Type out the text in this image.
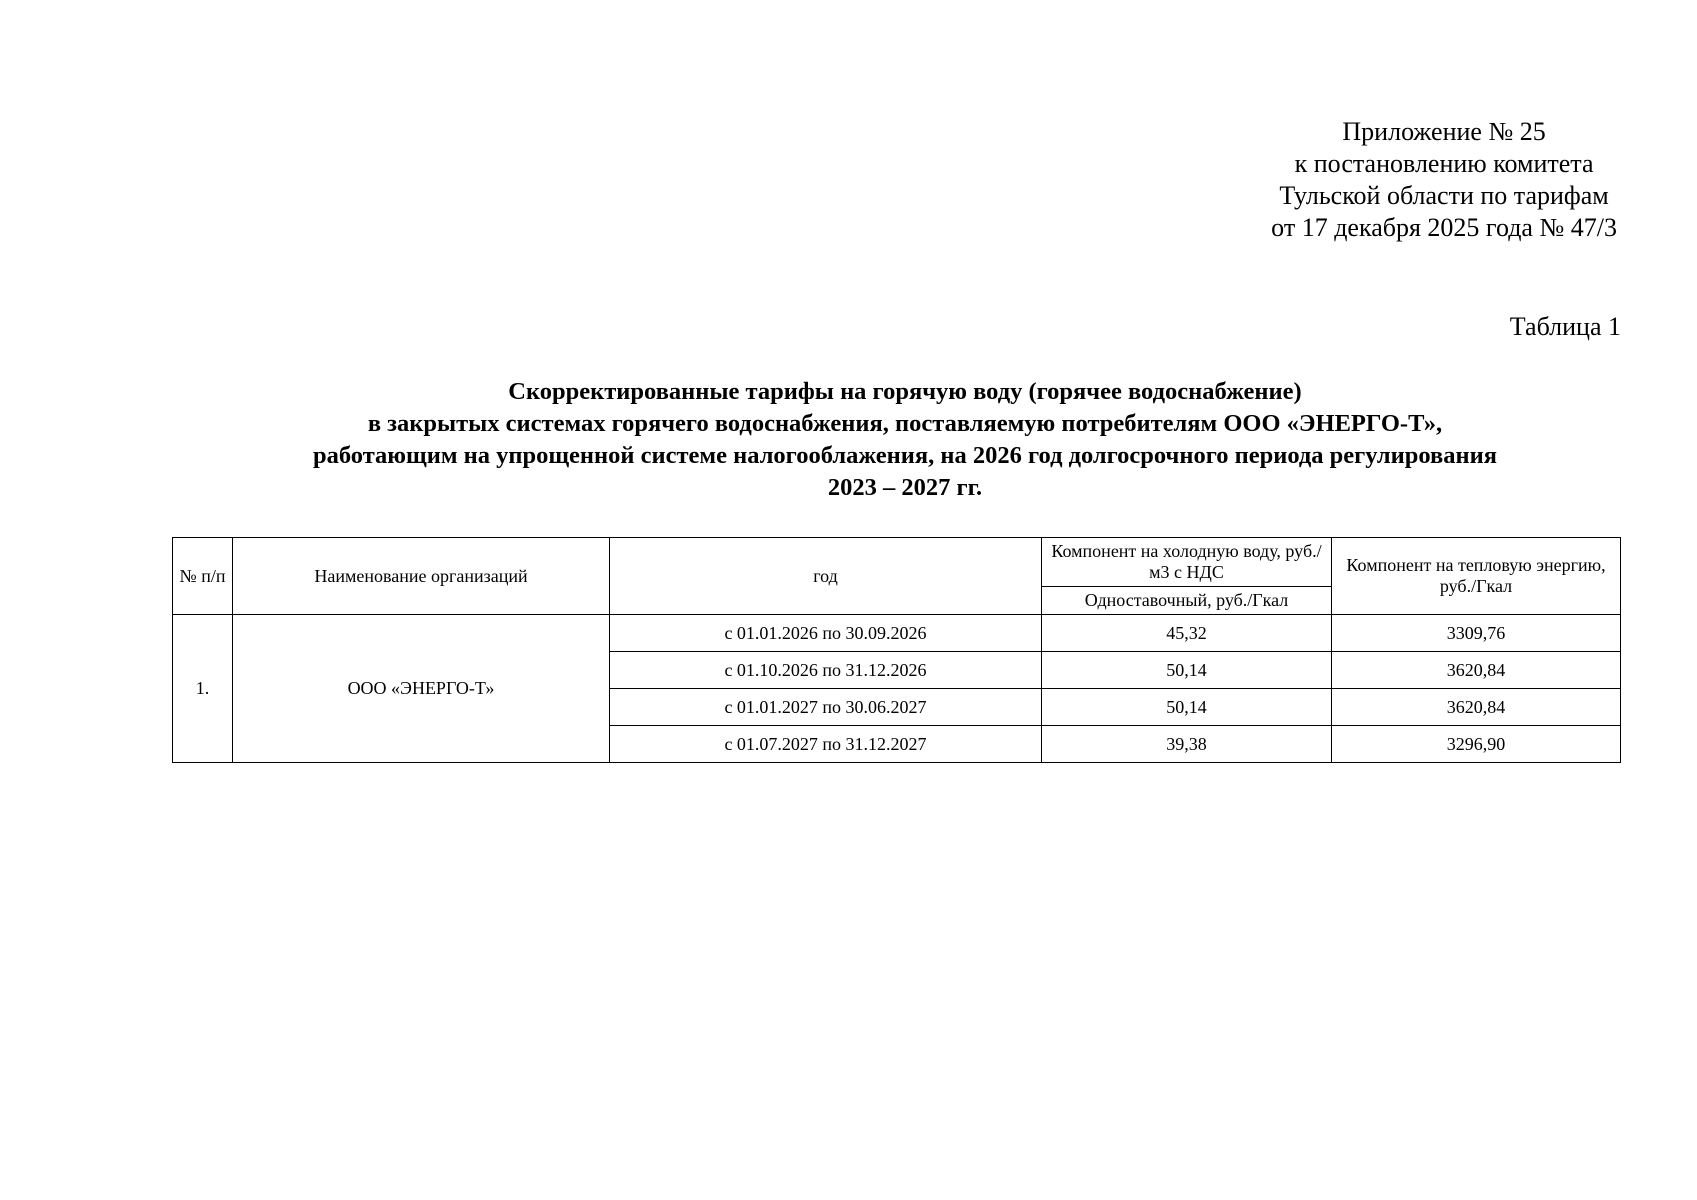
Приложение № 25
к постановлению комитета
Тульской области по тарифам
от 17 декабря 2025 года № 47/3
Таблица 1
Скорректированные тарифы на горячую воду (горячее водоснабжение)
в закрытых системах горячего водоснабжения, поставляемую потребителям ООО «ЭНЕРГО-Т»,
работающим на упрощенной системе налогооблажения, на 2026 год долгосрочного периода регулирования
2023 – 2027 гг.
№ п/п	Наименование организаций	год	Компонент на холодную воду, руб./м3 с НДС	Компонент на тепловую энергию, руб./Гкал
			Одноставочный, руб./Гкал	
1.	ООО «ЭНЕРГО-Т»	с 01.01.2026 по 30.09.2026	45,32	3309,76
		с 01.10.2026 по 31.12.2026	50,14	3620,84
		с 01.01.2027 по 30.06.2027	50,14	3620,84
		с 01.07.2027 по 31.12.2027	39,38	3296,90
